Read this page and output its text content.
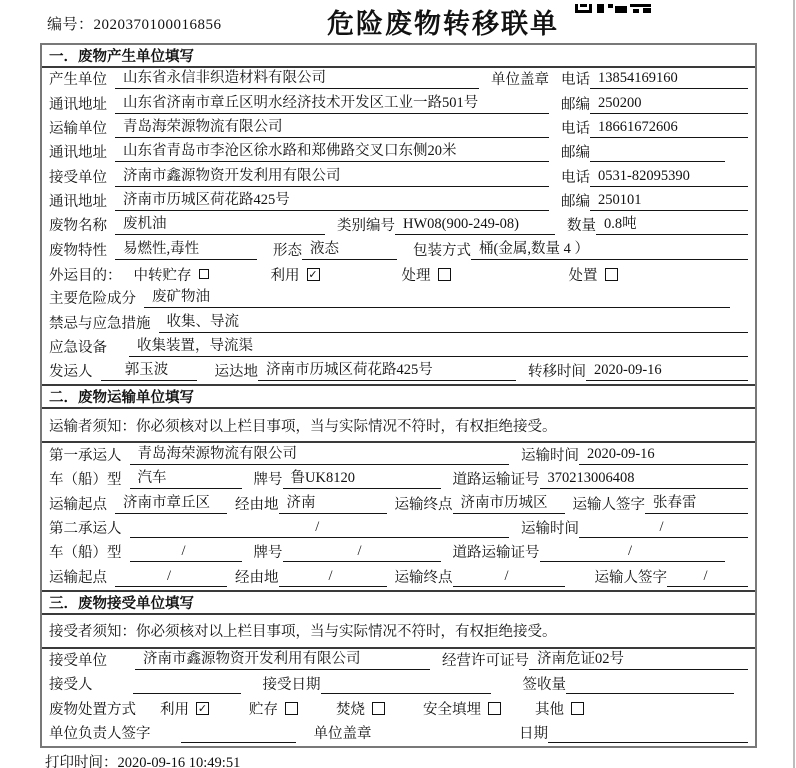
编号：2020370100016856	危险废物转移联单
一．废物产生单位填写
产生单位	山东省永信非织造材料有限公司	单位盖章 电话 13854169160
通讯地址	山东省济南市章丘区明水经济技术开发区工业一路501号	邮编 250200
运输单位	青岛海荣源物流有限公司	电话 18661672606
通讯地址	山东省青岛市李沧区徐水路和郑佛路交叉口东侧20米	邮编
接受单位	济南市鑫源物资开发利用有限公司	电话 0531-82095390
通讯地址	济南市历城区荷花路425号	邮编 250101
废物名称	废机油	类别编号 HW08(900-249-08)	数量 0.8吨
废物特性	易燃性,毒性	形态 液态	包装方式 桶(金属,数量 4 ）
外运目的： 中转贮存	利用 ✓	处理	处置
主要危险成分	废矿物油
禁忌与应急措施	收集、导流
应急设备	收集装置，导流渠
发运人	郭玉波	运达地 济南市历城区荷花路425号	转移时间 2020-09-16
二．废物运输单位填写
运输者须知：你必须核对以上栏目事项，当与实际情况不符时，有权拒绝接受。
第一承运人	青岛海荣源物流有限公司	运输时间 2020-09-16
车（船）型	汽车	牌号 鲁UK8120	道路运输证号 370213006408
运输起点	济南市章丘区	经由地 济南	运输终点 济南市历城区	运输人签字 张春雷
第二承运人	/	运输时间	/
车（船）型	/	牌号	/	道路运输证号	/
运输起点	/	经由地	/	运输终点	/	运输人签字	/
三．废物接受单位填写
接受者须知：你必须核对以上栏目事项，当与实际情况不符时，有权拒绝接受。
接受单位	济南市鑫源物资开发利用有限公司	经营许可证号 济南危证02号
接受人	接受日期	签收量
废物处置方式 利用 ✓	贮存	焚烧	安全填埋	其他
单位负责人签字	单位盖章	日期
打印时间：2020-09-16 10:49:51
